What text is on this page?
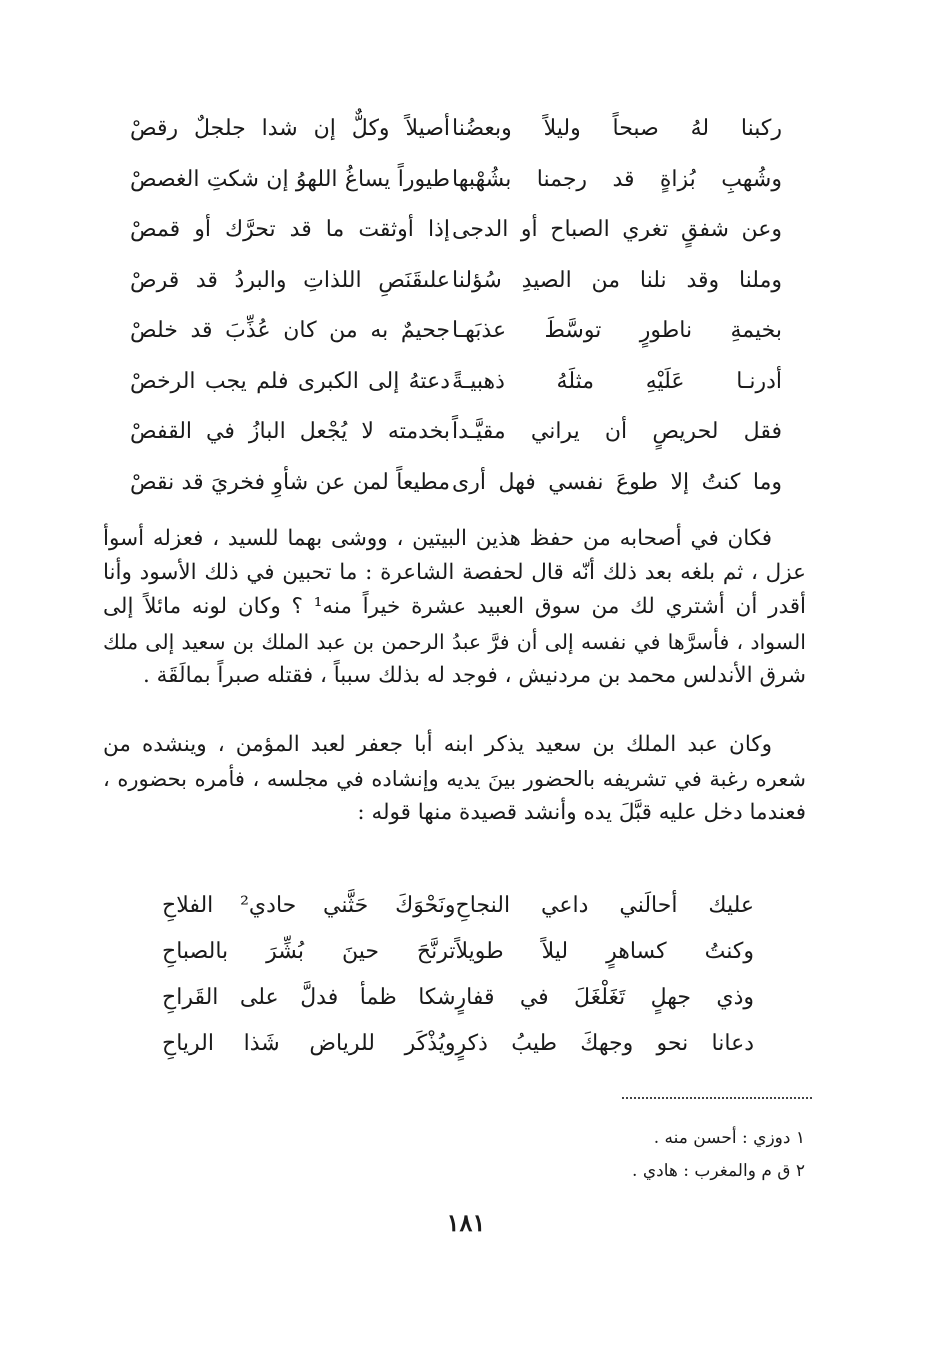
ركبنا لهُ صبحاً وليلاً وبعضُنا
أصيلاً وكلٌّ إن شدا جلجلٌ رقصْ
وشُهبِ بُزاةٍ قد رجمنا بشُهْبها
طيوراً يساغُ اللهوُ إن شكتِ الغصصْ
وعن شفقٍ تغري الصباح أو الدجى
إذا أوثقت ما قد تحرَّك أو قمصْ
وملنا وقد نلنا من الصيدِ سُؤلنا
علىقَنَصِ اللذاتِ والبردُ قد قرصْ
بخيمةِ ناطورٍ توسَّطَ عذبَهـا
جحيمٌ به من كان عُذِّبَ قد خلصْ
أدرنـا عَلَيْهِ مثلَهُ ذهبيـةً
دعتهُ إلى الكبرى فلم يجب الرخصْ
فقل لحريصٍ أن يراني مقيَّـداً
بخدمته لا يُجْعل البازُ في القفصْ
وما كنتُ إلا طوعَ نفسي فهل أرى
مطيعاً لمن عن شأوِ فخريَ قد نقصْ

فكان في أصحابه من حفظ هذين البيتين ، ووشى بهما للسيد ، فعزله أسوأ
عزل ، ثم بلغه بعد ذلك أنّه قال لحفصة الشاعرة : ما تحبين في ذلك الأسود وأنا
أقدر أن أشتري لك من سوق العبيد عشرة خيراً منه¹ ؟ وكان لونه مائلاً إلى
السواد ، فأسرَّها في نفسه إلى أن فرَّ عبدُ الرحمن بن عبد الملك بن سعيد إلى ملك
شرق الأندلس محمد بن مردنيش ، فوجد له بذلك سبباً ، فقتله صبراً بمالَقَة .

وكان عبد الملك بن سعيد يذكر ابنه أبا جعفر لعبد المؤمن ، وينشده من
شعره رغبة في تشريفه بالحضور بينَ يديه وإنشاده في مجلسه ، فأمره بحضوره ،
فعندما دخل عليه قبَّلَ يده وأنشد قصيدة منها قوله :

عليك أحالَني داعي النجاحِ
ونَحْوَكَ حَثَّني حادي² الفلاحِ
وكنتُ كساهرٍ ليلاً طويلاً
ترنَّحَ حينَ بُشِّرَ بالصباحِ
وذي جهلٍ تَغَلْغَلَ في قفارٍ
شكا ظمأ فدلَّ على القَراحِ
دعانا نحو وجهكَ طيبُ ذكرٍ
ويُذْكَر للرياض شَذا الرياحِ
١ دوزي : أحسن منه .
٢ ق م والمغرب : هادي .
١٨١
